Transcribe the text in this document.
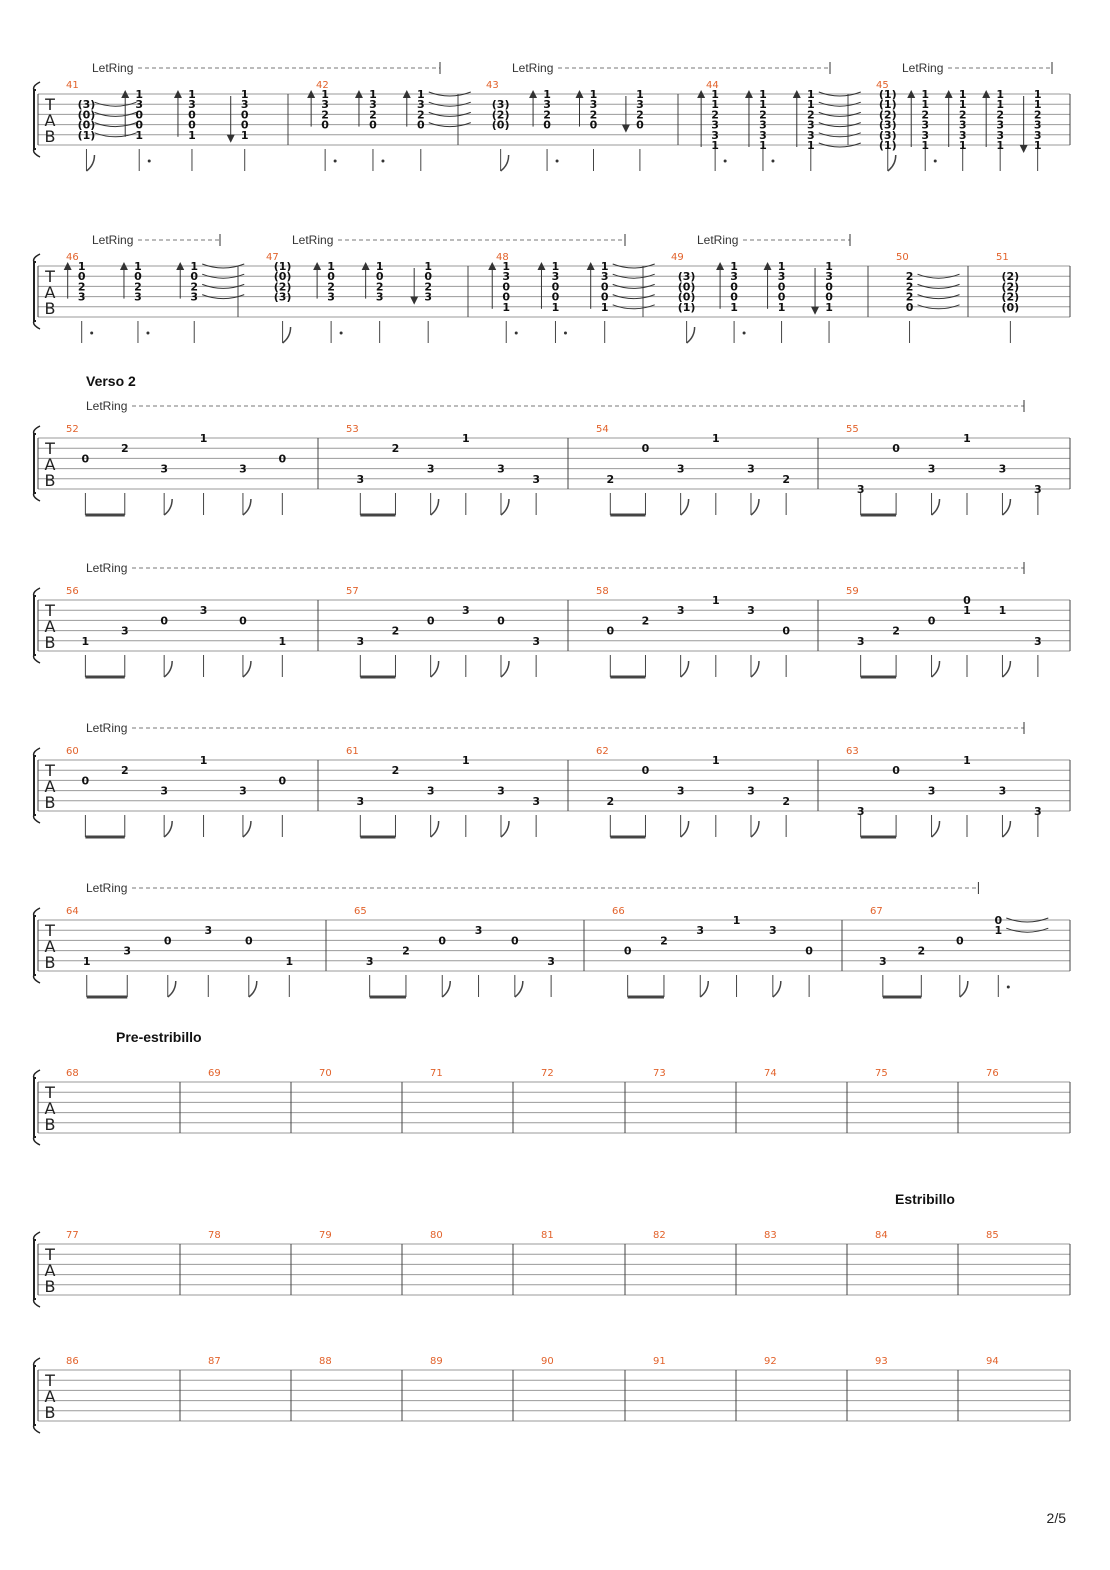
T
A
B
41	42	43	44	45
LetRing	LetRing	LetRing
(3)
(0)
(0)
(1)
1
3
0
0
1
1
3
0
0
1
1
3
0
0
1
1
3
2
0
1
3
2
0
1
3
2
0
(3)
(2)
(0)
1
3
2
0
1
3
2
0
1
3
2
0
1
1
2
3
3
1
1
1
2
3
3
1
1
1
2
3
3
1
(1)
(1)
(2)
(3)
(3)
(1)
1
1
2
3
3
1
1
1
2
3
3
1
1
1
2
3
3
1
1
1
2
3
3
1
T
A
B
46	47	48	49	50	51
LetRing	LetRing	LetRing
1
0
2
3
1
0
2
3
1
0
2
3
(1)
(0)
(2)
(3)
1
0
2
3
1
0
2
3
1
0
2
3
1
3
0
0
1
1
3
0
0
1
1
3
0
0
1
(3)
(0)
(0)
(1)
1
3
0
0
1
1
3
0
0
1
1
3
0
0
1
2
2
2
0
(2)
(2)
(2)
(0)
T
A
B
52	53	54	55
Verso 2
LetRing
0
2
3
1
3
0
3
2
3
1
3
3	2
0
3
1
3
2
3
0
3
1
3
3
T
A
B
56	57	58	59
LetRing
1
3
0
3
0
1	3
2
0
3
0
3
0
2
3
1
3
0
3
2
0
0
1	1
3
T
A
B
60	61	62	63
LetRing
0
2
3
1
3
0
3
2
3
1
3
3	2
0
3
1
3
2
3
0
3
1
3
3
T
A
B
64	65	66	67
LetRing
1
3
0
3
0
1	3
2
0
3
0
3
0
2
3
1
3
0
3
2
0
0
1
T
A
B
68	69	70	71	72	73	74	75	76
Pre-estribillo
T
A
B
77	78	79	80	81	82	83	84	85
Estribillo
T
A
B
86	87	88	89	90	91	92	93	94
2/5
